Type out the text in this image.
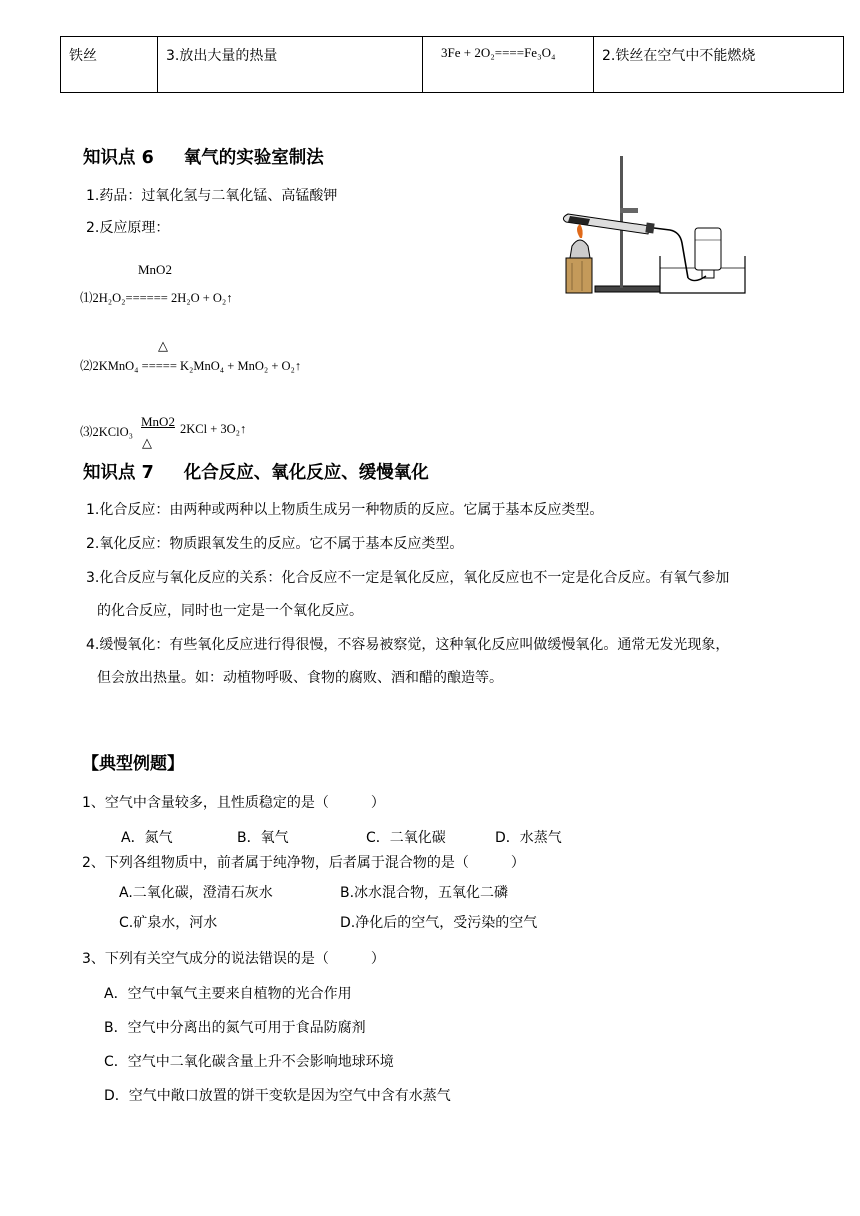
铁丝	3.放出大量的热量	3Fe + 2O₂====Fe₃O₄	2.铁丝在空气中不能燃烧
知识点 6 氧气的实验室制法
1.药品：过氧化氢与二氧化锰、高锰酸钾
2.反应原理：
MnO2
⑴2H₂O₂====== 2H₂O + O₂↑
△
⑵2KMnO₄ ===== K₂MnO₄ + MnO₂ + O₂↑
⑶2KClO₃
MnO2
△
2KCl + 3O₂↑
知识点 7 化合反应、氧化反应、缓慢氧化
1.化合反应：由两种或两种以上物质生成另一种物质的反应。它属于基本反应类型。
2.氧化反应：物质跟氧发生的反应。它不属于基本反应类型。
3.化合反应与氧化反应的关系：化合反应不一定是氧化反应，氧化反应也不一定是化合反应。有氧气参加
的化合反应，同时也一定是一个氧化反应。
4.缓慢氧化：有些氧化反应进行得很慢，不容易被察觉，这种氧化反应叫做缓慢氧化。通常无发光现象，
但会放出热量。如：动植物呼吸、食物的腐败、酒和醋的酿造等。
【典型例题】
1、空气中含量较多，且性质稳定的是（　　　）
A．氮气	B．氧气	C．二氧化碳	D．水蒸气
2、下列各组物质中，前者属于纯净物，后者属于混合物的是（　　　）
A.二氧化碳，澄清石灰水	B.冰水混合物，五氧化二磷
C.矿泉水，河水	D.净化后的空气，受污染的空气
3、下列有关空气成分的说法错误的是（　　　）
A．空气中氧气主要来自植物的光合作用
B．空气中分离出的氮气可用于食品防腐剂
C．空气中二氧化碳含量上升不会影响地球环境
D．空气中敞口放置的饼干变软是因为空气中含有水蒸气
